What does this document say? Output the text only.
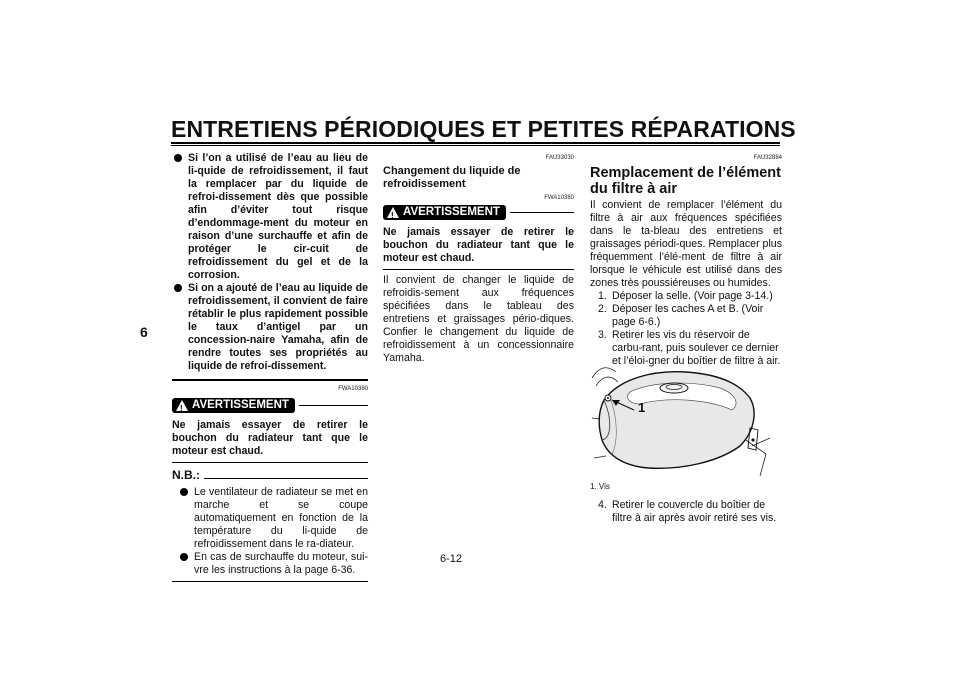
ENTRETIENS PÉRIODIQUES ET PETITES RÉPARATIONS
6
Si l’on a utilisé de l’eau au lieu de li-quide de refroidissement, il faut la remplacer par du liquide de refroi-dissement dès que possible afin d’éviter tout risque d’endommage-ment du moteur en raison d’une surchauffe et afin de protéger le cir-cuit de refroidissement du gel et de la corrosion.
Si on a ajouté de l’eau au liquide de refroidissement, il convient de faire rétablir le plus rapidement possible le taux d’antigel par un concession-naire Yamaha, afin de rendre toutes ses propriétés au liquide de refroi-dissement.
FWA10380
! AVERTISSEMENT
Ne jamais essayer de retirer le bouchon du radiateur tant que le moteur est chaud.
N.B.:
Le ventilateur de radiateur se met en marche et se coupe automatiquement en fonction de la température du li-quide de refroidissement dans le ra-diateur.
En cas de surchauffe du moteur, sui-vre les instructions à la page 6-36.
FAU33030
Changement du liquide de refroidissement
FWA10380
! AVERTISSEMENT
Ne jamais essayer de retirer le bouchon du radiateur tant que le moteur est chaud.
Il convient de changer le liquide de refroidis-sement aux fréquences spécifiées dans le tableau des entretiens et graissages pério-diques. Confier le changement du liquide de refroidissement à un concessionnaire Yamaha.
FAU32884
Remplacement de l’élément du filtre à air
Il convient de remplacer l’élément du filtre à air aux fréquences spécifiées dans le ta-bleau des entretiens et graissages périodi-ques. Remplacer plus fréquemment l’élé-ment de filtre à air lorsque le véhicule est utilisé dans des zones très poussiéreuses ou humides.
1. Déposer la selle. (Voir page 3-14.)
2. Déposer les caches A et B. (Voir page 6-6.)
3. Retirer les vis du réservoir de carbu-rant, puis soulever ce dernier et l’éloi-gner du boîtier de filtre à air.
1
1. Vis
4. Retirer le couvercle du boîtier de filtre à air après avoir retiré ses vis.
6-12
